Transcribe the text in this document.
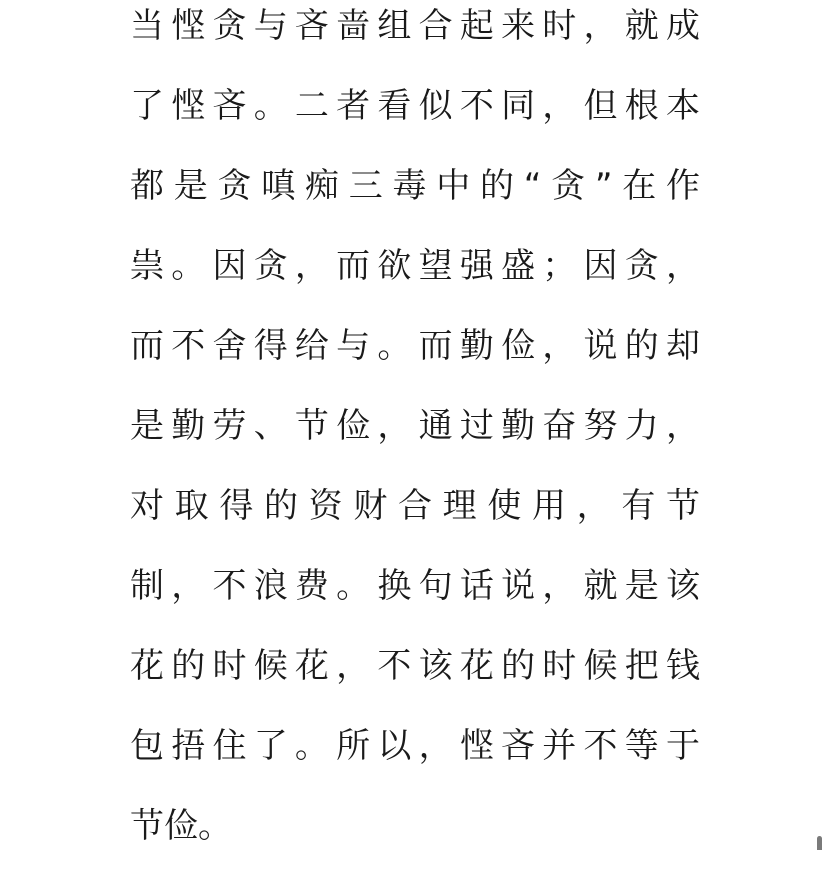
当悭贪与吝啬组合起来时，就成
了悭吝。二者看似不同，但根本
都是贪嗔痴三毒中的“贪”在作
祟。因贪，而欲望强盛；因贪，
而不舍得给与。而勤俭，说的却
是勤劳、节俭，通过勤奋努力，
对取得的资财合理使用，有节
制，不浪费。换句话说，就是该
花的时候花，不该花的时候把钱
包捂住了。所以，悭吝并不等于
节俭。
